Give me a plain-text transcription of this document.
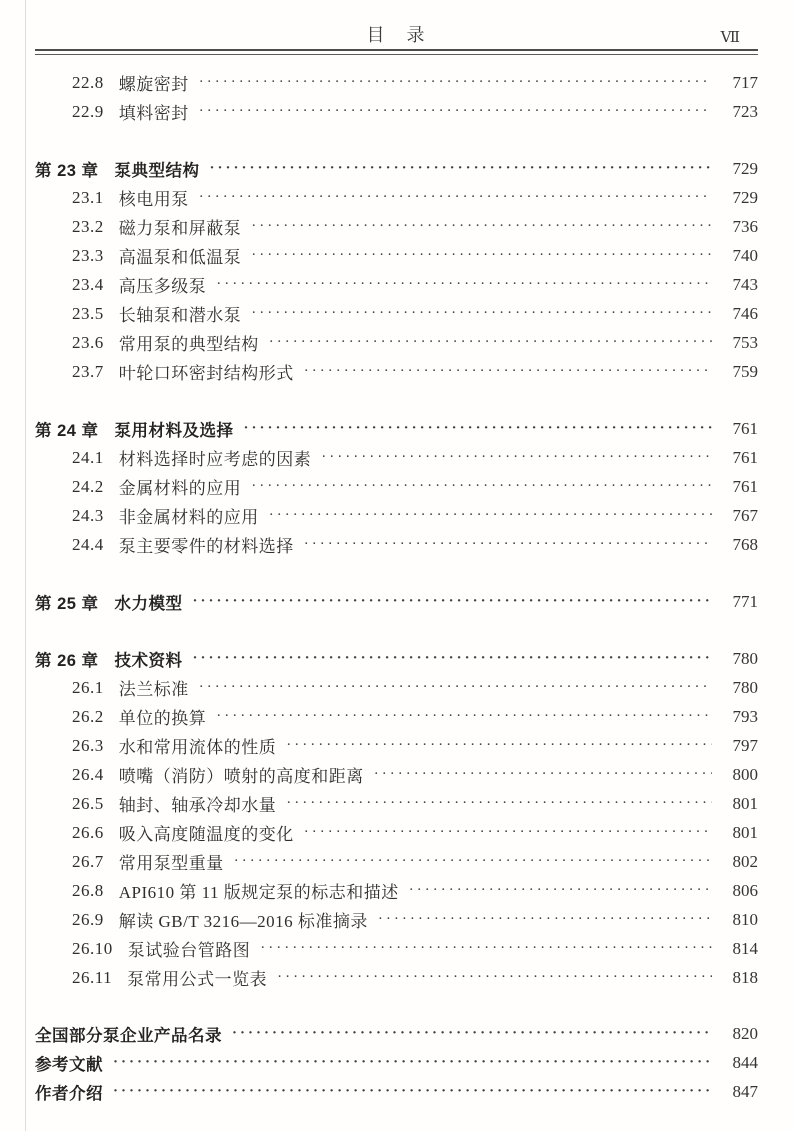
目　录	Ⅶ
22.8 螺旋密封 ·····	717
22.9 填料密封 ·····	723
第 23 章 泵典型结构 ·····	729
23.1 核电用泵 ·····	729
23.2 磁力泵和屏蔽泵 ·····	736
23.3 高温泵和低温泵 ·····	740
23.4 高压多级泵 ·····	743
23.5 长轴泵和潜水泵 ·····	746
23.6 常用泵的典型结构 ·····	753
23.7 叶轮口环密封结构形式 ·····	759
第 24 章 泵用材料及选择 ·····	761
24.1 材料选择时应考虑的因素 ·····	761
24.2 金属材料的应用 ·····	761
24.3 非金属材料的应用 ·····	767
24.4 泵主要零件的材料选择 ·····	768
第 25 章 水力模型 ·····	771
第 26 章 技术资料 ·····	780
26.1 法兰标准 ·····	780
26.2 单位的换算 ·····	793
26.3 水和常用流体的性质 ·····	797
26.4 喷嘴（消防）喷射的高度和距离 ·····	800
26.5 轴封、轴承冷却水量 ·····	801
26.6 吸入高度随温度的变化 ·····	801
26.7 常用泵型重量 ·····	802
26.8 API610 第 11 版规定泵的标志和描述 ·····	806
26.9 解读 GB/T 3216—2016 标准摘录 ·····	810
26.10 泵试验台管路图 ·····	814
26.11 泵常用公式一览表 ·····	818
全国部分泵企业产品名录 ·····	820
参考文献 ·····	844
作者介绍 ·····	847
